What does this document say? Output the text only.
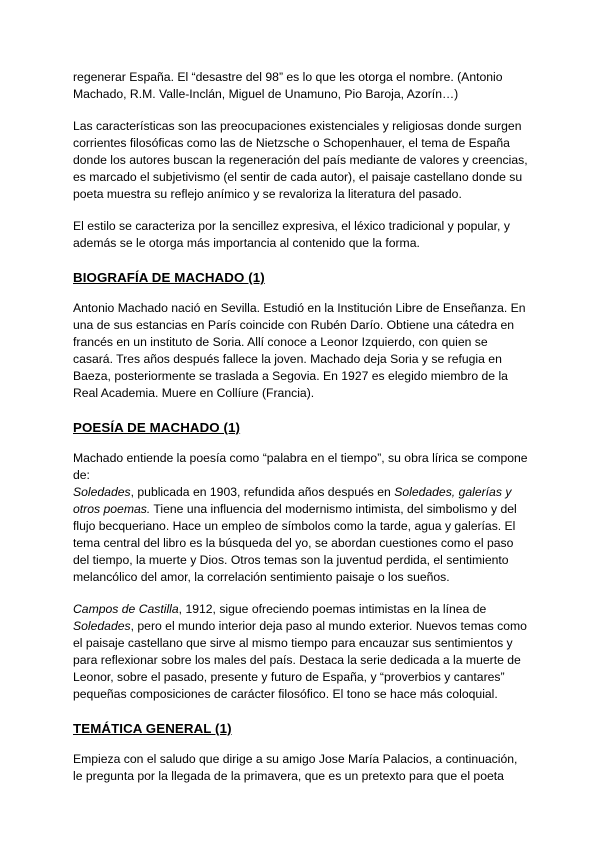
regenerar España. El “desastre del 98” es lo que les otorga el nombre. (Antonio Machado, R.M. Valle-Inclán, Miguel de Unamuno, Pio Baroja, Azorín…)

Las características son las preocupaciones existenciales y religiosas donde surgen corrientes filosóficas como las de Nietzsche o Schopenhauer, el tema de España donde los autores buscan la regeneración del país mediante de valores y creencias, es marcado el subjetivismo (el sentir de cada autor), el paisaje castellano donde su poeta muestra su reflejo anímico y se revaloriza la literatura del pasado.

El estilo se caracteriza por la sencillez expresiva, el léxico tradicional y popular, y además se le otorga más importancia al contenido que la forma.

BIOGRAFÍA DE MACHADO (1)

Antonio Machado nació en Sevilla. Estudió en la Institución Libre de Enseñanza. En una de sus estancias en París coincide con Rubén Darío. Obtiene una cátedra en francés en un instituto de Soria. Allí conoce a Leonor Izquierdo, con quien se casará. Tres años después fallece la joven. Machado deja Soria y se refugia en Baeza, posteriormente se traslada a Segovia. En 1927 es elegido miembro de la Real Academia. Muere en Collíure (Francia).

POESÍA DE MACHADO (1)

Machado entiende la poesía como “palabra en el tiempo”, su obra lírica se compone de:

Soledades, publicada en 1903, refundida años después en Soledades, galerías y otros poemas. Tiene una influencia del modernismo intimista, del simbolismo y del flujo becqueriano. Hace un empleo de símbolos como la tarde, agua y galerías. El tema central del libro es la búsqueda del yo, se abordan cuestiones como el paso del tiempo, la muerte y Dios. Otros temas son la juventud perdida, el sentimiento melancólico del amor, la correlación sentimiento paisaje o los sueños.

Campos de Castilla, 1912, sigue ofreciendo poemas intimistas en la línea de Soledades, pero el mundo interior deja paso al mundo exterior. Nuevos temas como el paisaje castellano que sirve al mismo tiempo para encauzar sus sentimientos y para reflexionar sobre los males del país. Destaca la serie dedicada a la muerte de Leonor, sobre el pasado, presente y futuro de España, y “proverbios y cantares” pequeñas composiciones de carácter filosófico. El tono se hace más coloquial.

TEMÁTICA GENERAL (1)

Empieza con el saludo que dirige a su amigo Jose María Palacios, a continuación, le pregunta por la llegada de la primavera, que es un pretexto para que el poeta
